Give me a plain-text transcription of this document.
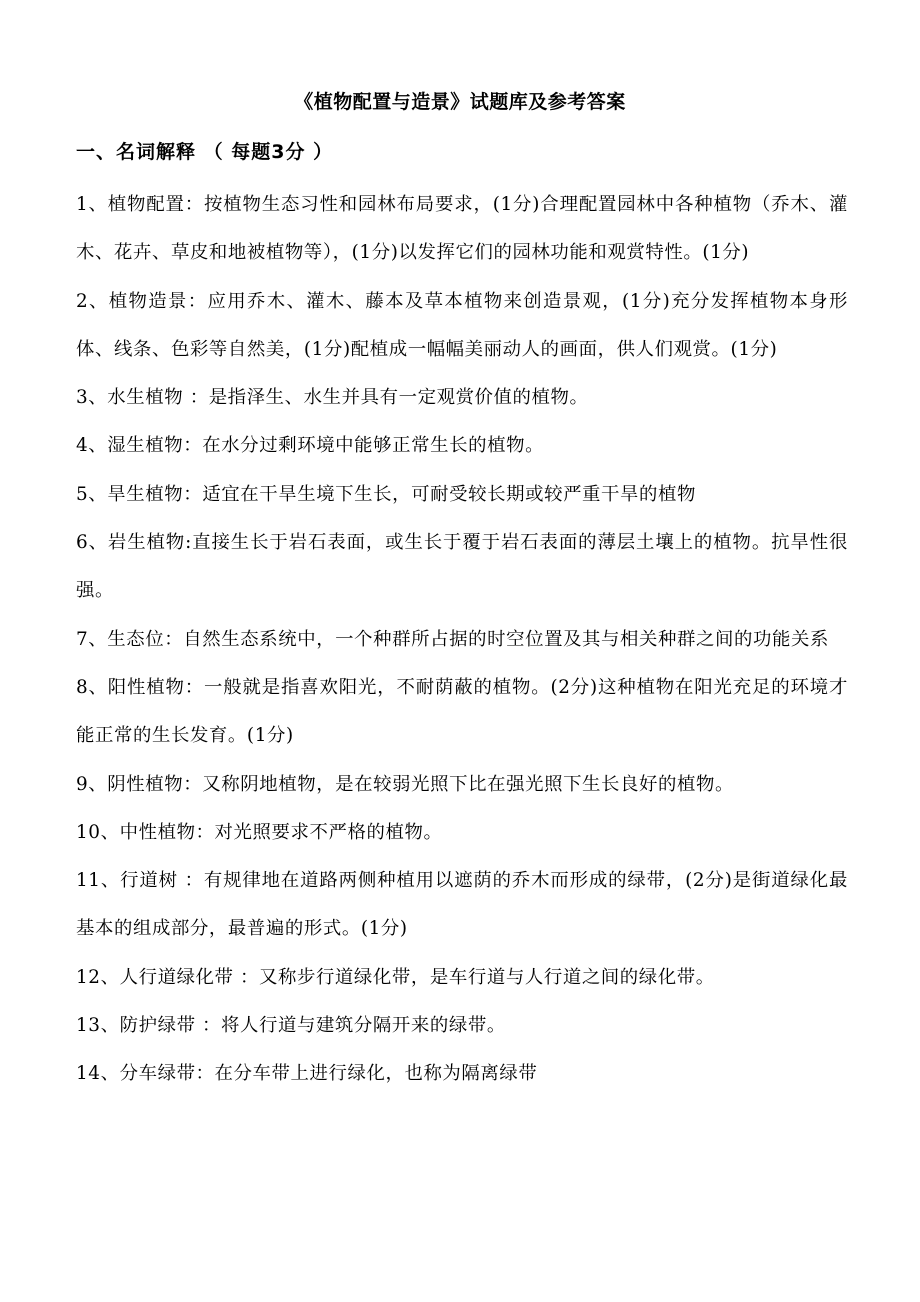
《植物配置与造景》试题库及参考答案
一、名词解释 （ 每题3分 ）

1、植物配置：按植物生态习性和园林布局要求，(1分)合理配置园林中各种植物（乔木、灌木、花卉、草皮和地被植物等），(1分)以发挥它们的园林功能和观赏特性。(1分)

2、植物造景：应用乔木、灌木、藤本及草本植物来创造景观，(1分)充分发挥植物本身形体、线条、色彩等自然美，(1分)配植成一幅幅美丽动人的画面，供人们观赏。(1分)

3、水生植物 ：是指泽生、水生并具有一定观赏价值的植物。

4、湿生植物：在水分过剩环境中能够正常生长的植物。

5、旱生植物：适宜在干旱生境下生长，可耐受较长期或较严重干旱的植物

6、岩生植物:直接生长于岩石表面，或生长于覆于岩石表面的薄层土壤上的植物。抗旱性很强。

7、生态位：自然生态系统中，一个种群所占据的时空位置及其与相关种群之间的功能关系

8、阳性植物：一般就是指喜欢阳光，不耐荫蔽的植物。(2分)这种植物在阳光充足的环境才能正常的生长发育。(1分)

9、阴性植物：又称阴地植物，是在较弱光照下比在强光照下生长良好的植物。

10、中性植物：对光照要求不严格的植物。

11、行道树 ：有规律地在道路两侧种植用以遮荫的乔木而形成的绿带，(2分)是街道绿化最基本的组成部分，最普遍的形式。(1分)

12、人行道绿化带 ：又称步行道绿化带，是车行道与人行道之间的绿化带。

13、防护绿带 ：将人行道与建筑分隔开来的绿带。

14、分车绿带：在分车带上进行绿化，也称为隔离绿带
